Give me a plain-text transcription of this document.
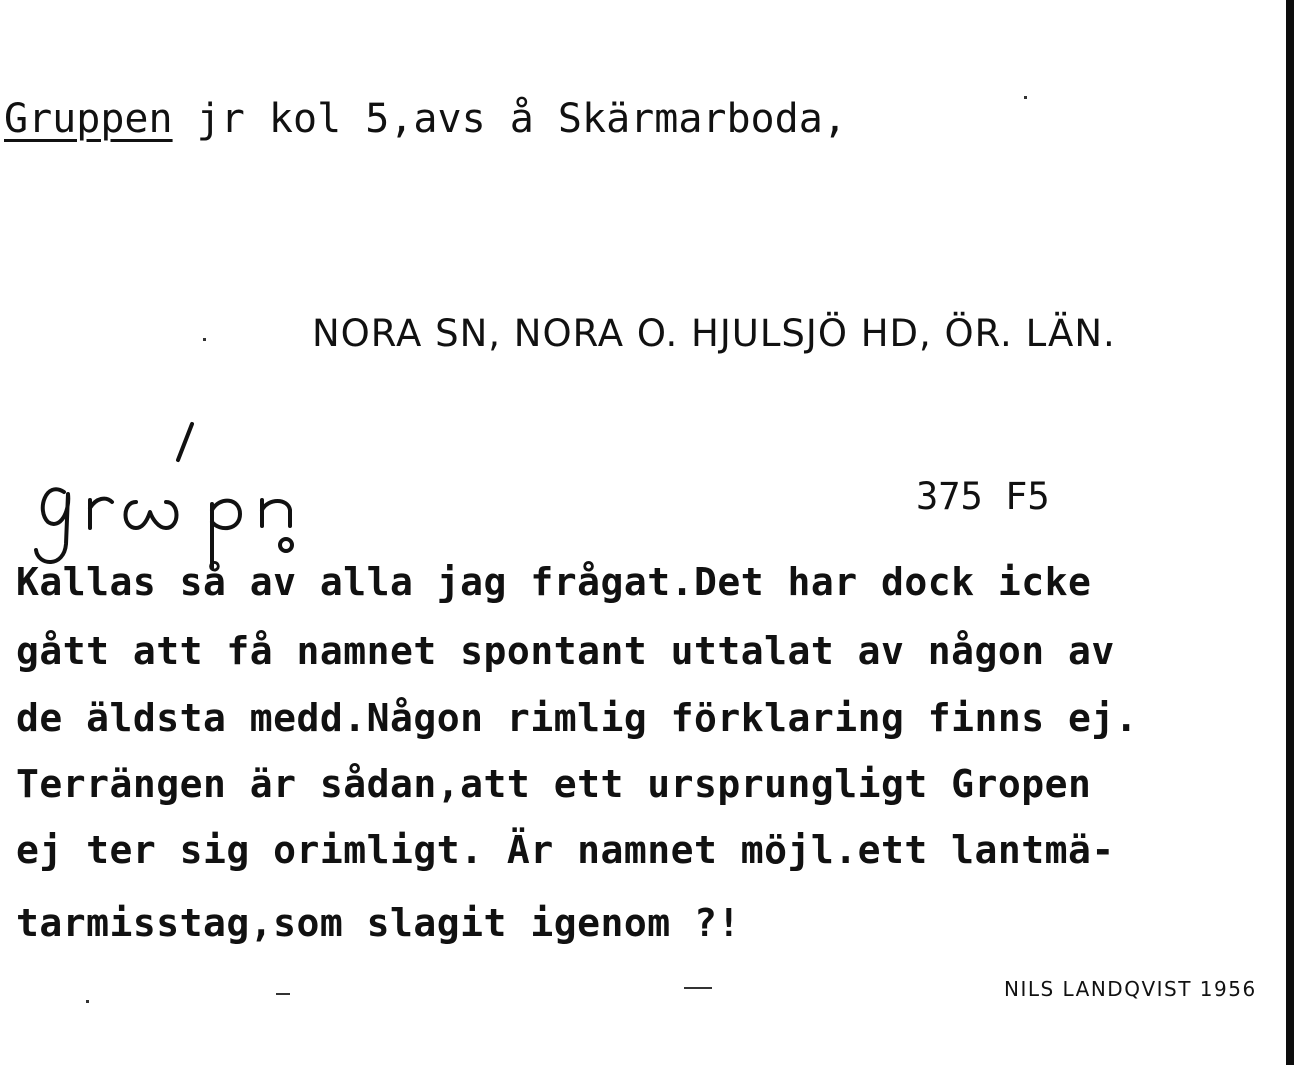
Gruppen jr kol 5,avs å Skärmarboda,
NORA SN, NORA O. HJULSJÖ HD, ÖR. LÄN.
375 F5
Kallas så av alla jag frågat.Det har dock icke
gått att få namnet spontant uttalat av någon av
de äldsta medd.Någon rimlig förklaring finns ej.
Terrängen är sådan,att ett ursprungligt Gropen
ej ter sig orimligt. Är namnet möjl.ett lantmä-
tarmisstag,som slagit igenom ?!
NILS LANDQVIST 1956
